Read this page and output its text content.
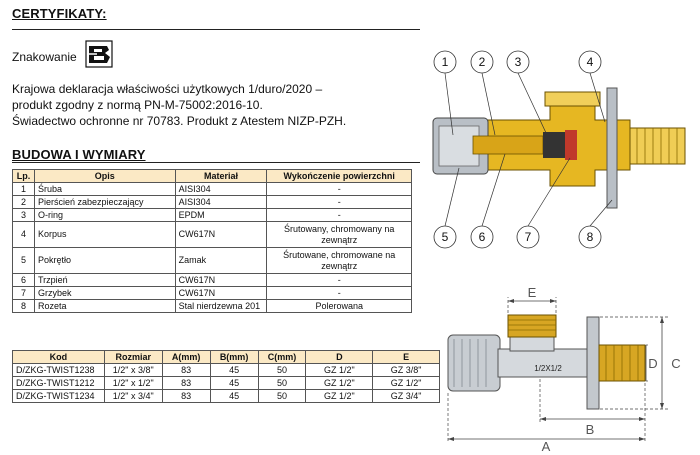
CERTYFIKATY:
Znakowanie
Krajowa deklaracja właściwości użytkowych 1/duro/2020 –
produkt zgodny z normą PN-M-75002:2016-10.
Świadectwo ochronne nr 70783. Produkt z Atestem NIZP-PZH.
BUDOWA I WYMIARY
Lp.	Opis	Materiał	Wykończenie powierzchni
1	Śruba	AISI304	-
2	Pierścień zabezpieczający	AISI304	-
3	O-ring	EPDM	-
4	Korpus	CW617N	Śrutowany, chromowany na zewnątrz
5	Pokrętło	Zamak	Śrutowane, chromowane na zewnątrz
6	Trzpień	CW617N	-
7	Grzybek	CW617N	-
8	Rozeta	Stal nierdzewna 201	Polerowana
Kod	Rozmiar	A(mm)	B(mm)	C(mm)	D	E
D/ZKG-TWIST1238	1/2" x 3/8"	83	45	50	GZ 1/2"	GZ 3/8"
D/ZKG-TWIST1212	1/2" x 1/2"	83	45	50	GZ 1/2"	GZ 1/2"
D/ZKG-TWIST1234	1/2" x 3/4"	83	45	50	GZ 1/2"	GZ 3/4"
1	2 3	4
5	6	7	8
1/2X1/2
E
B
A
C
D
